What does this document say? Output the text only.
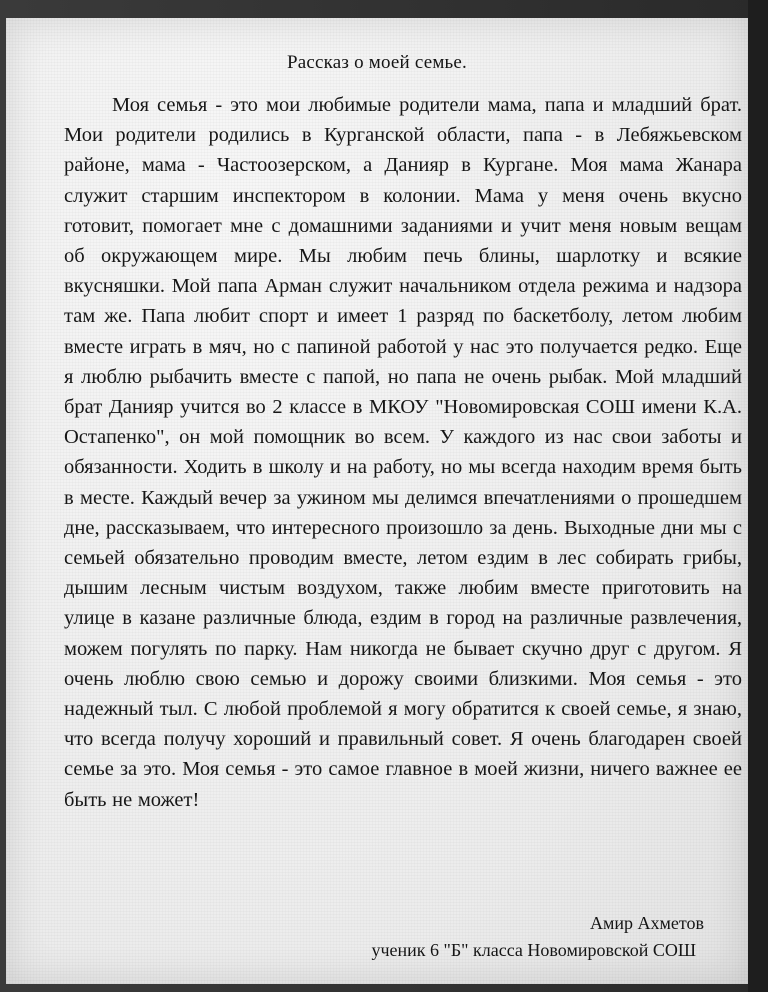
Рассказ о моей семье.
Моя семья - это мои любимые родители мама, папа и младший брат. Мои родители родились в Курганской области, папа - в Лебяжьевском районе, мама - Частоозерском, а Данияр в Кургане. Моя мама Жанара служит старшим инспектором в колонии. Мама у меня очень вкусно готовит, помогает мне с домашними заданиями и учит меня новым вещам об окружающем мире. Мы любим печь блины, шарлотку и всякие вкусняшки. Мой папа Арман служит начальником отдела режима и надзора там же. Папа любит спорт и имеет 1 разряд по баскетболу, летом любим вместе играть в мяч, но с папиной работой у нас это получается редко. Еще я люблю рыбачить вместе с папой, но папа не очень рыбак. Мой младший брат Данияр учится во 2 классе в МКОУ "Новомировская СОШ имени К.А. Остапенко", он мой помощник во всем. У каждого из нас свои заботы и обязанности. Ходить в школу и на работу, но мы всегда находим время быть в месте. Каждый вечер за ужином мы делимся впечатлениями о прошедшем дне, рассказываем, что интересного произошло за день. Выходные дни мы с семьей обязательно проводим вместе, летом ездим в лес собирать грибы, дышим лесным чистым воздухом, также любим вместе приготовить на улице в казане различные блюда, ездим в город на различные развлечения, можем погулять по парку. Нам никогда не бывает скучно друг с другом. Я очень люблю свою семью и дорожу своими близкими. Моя семья - это надежный тыл. С любой проблемой я могу обратится к своей семье, я знаю, что всегда получу хороший и правильный совет. Я очень благодарен своей семье за это. Моя семья - это самое главное в моей жизни, ничего важнее ее быть не может!
Амир Ахметов
ученик 6 "Б" класса Новомировской СОШ
